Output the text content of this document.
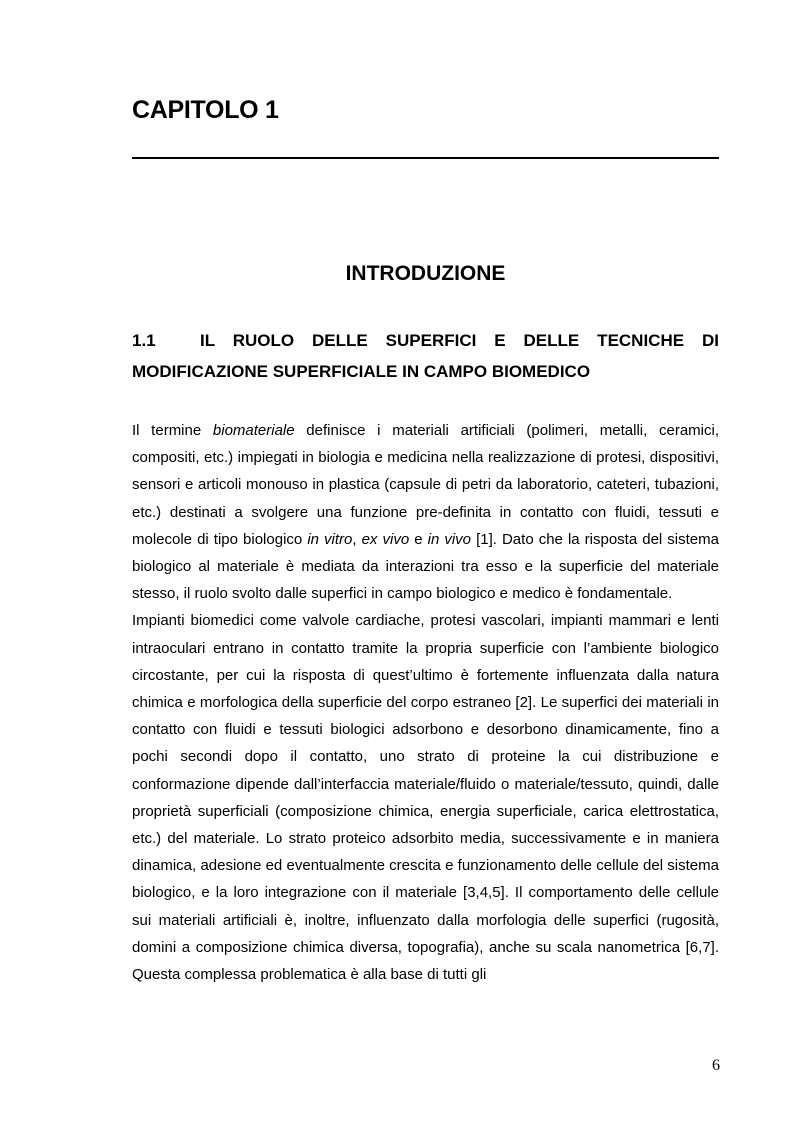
CAPITOLO 1
INTRODUZIONE
1.1	IL RUOLO DELLE SUPERFICI E DELLE TECNICHE DI MODIFICAZIONE SUPERFICIALE IN CAMPO BIOMEDICO

Il termine biomateriale definisce i materiali artificiali (polimeri, metalli, ceramici, compositi, etc.) impiegati in biologia e medicina nella realizzazione di protesi, dispositivi, sensori e articoli monouso in plastica (capsule di petri da laboratorio, cateteri, tubazioni, etc.) destinati a svolgere una funzione pre-definita in contatto con fluidi, tessuti e molecole di tipo biologico in vitro, ex vivo e in vivo [1]. Dato che la risposta del sistema biologico al materiale è mediata da interazioni tra esso e la superficie del materiale stesso, il ruolo svolto dalle superfici in campo biologico e medico è fondamentale.

Impianti biomedici come valvole cardiache, protesi vascolari, impianti mammari e lenti intraoculari entrano in contatto tramite la propria superficie con l’ambiente biologico circostante, per cui la risposta di quest’ultimo è fortemente influenzata dalla natura chimica e morfologica della superficie del corpo estraneo [2]. Le superfici dei materiali in contatto con fluidi e tessuti biologici adsorbono e desorbono dinamicamente, fino a pochi secondi dopo il contatto, uno strato di proteine la cui distribuzione e conformazione dipende dall’interfaccia materiale/fluido o materiale/tessuto, quindi, dalle proprietà superficiali (composizione chimica, energia superficiale, carica elettrostatica, etc.) del materiale. Lo strato proteico adsorbito media, successivamente e in maniera dinamica, adesione ed eventualmente crescita e funzionamento delle cellule del sistema biologico, e la loro integrazione con il materiale [3,4,5]. Il comportamento delle cellule sui materiali artificiali è, inoltre, influenzato dalla morfologia delle superfici (rugosità, domini a composizione chimica diversa, topografia), anche su scala nanometrica [6,7]. Questa complessa problematica è alla base di tutti gli

6
